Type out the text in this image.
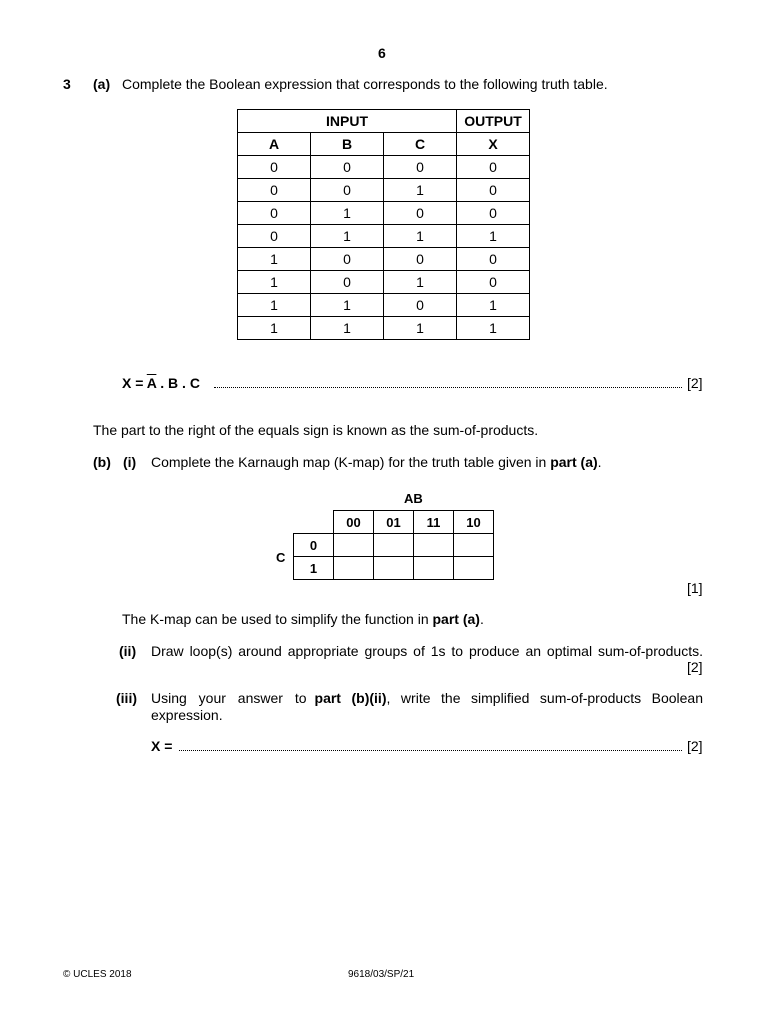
6
3 (a) Complete the Boolean expression that corresponds to the following truth table.
INPUT			OUTPUT
A	B	C	X
0	0	0	0
0	0	1	0
0	1	0	0
0	1	1	1
1	0	0	0
1	0	1	0
1	1	0	1
1	1	1	1
$X = \overline{A}$ . B . C	[2]
The part to the right of the equals sign is known as the sum-of-products.
(b) (i) Complete the Karnaugh map (K-map) for the truth table given in part (a).
AB
C
	00	01	11	10
0				
1				
[1]
The K-map can be used to simplify the function in part (a).
(ii) Draw loop(s) around appropriate groups of 1s to produce an optimal sum-of-products.
[2]
(iii) Using your answer to part (b)(ii), write the simplified sum-of-products Boolean
expression.
X =	[2]
© UCLES 2018	9618/03/SP/21
